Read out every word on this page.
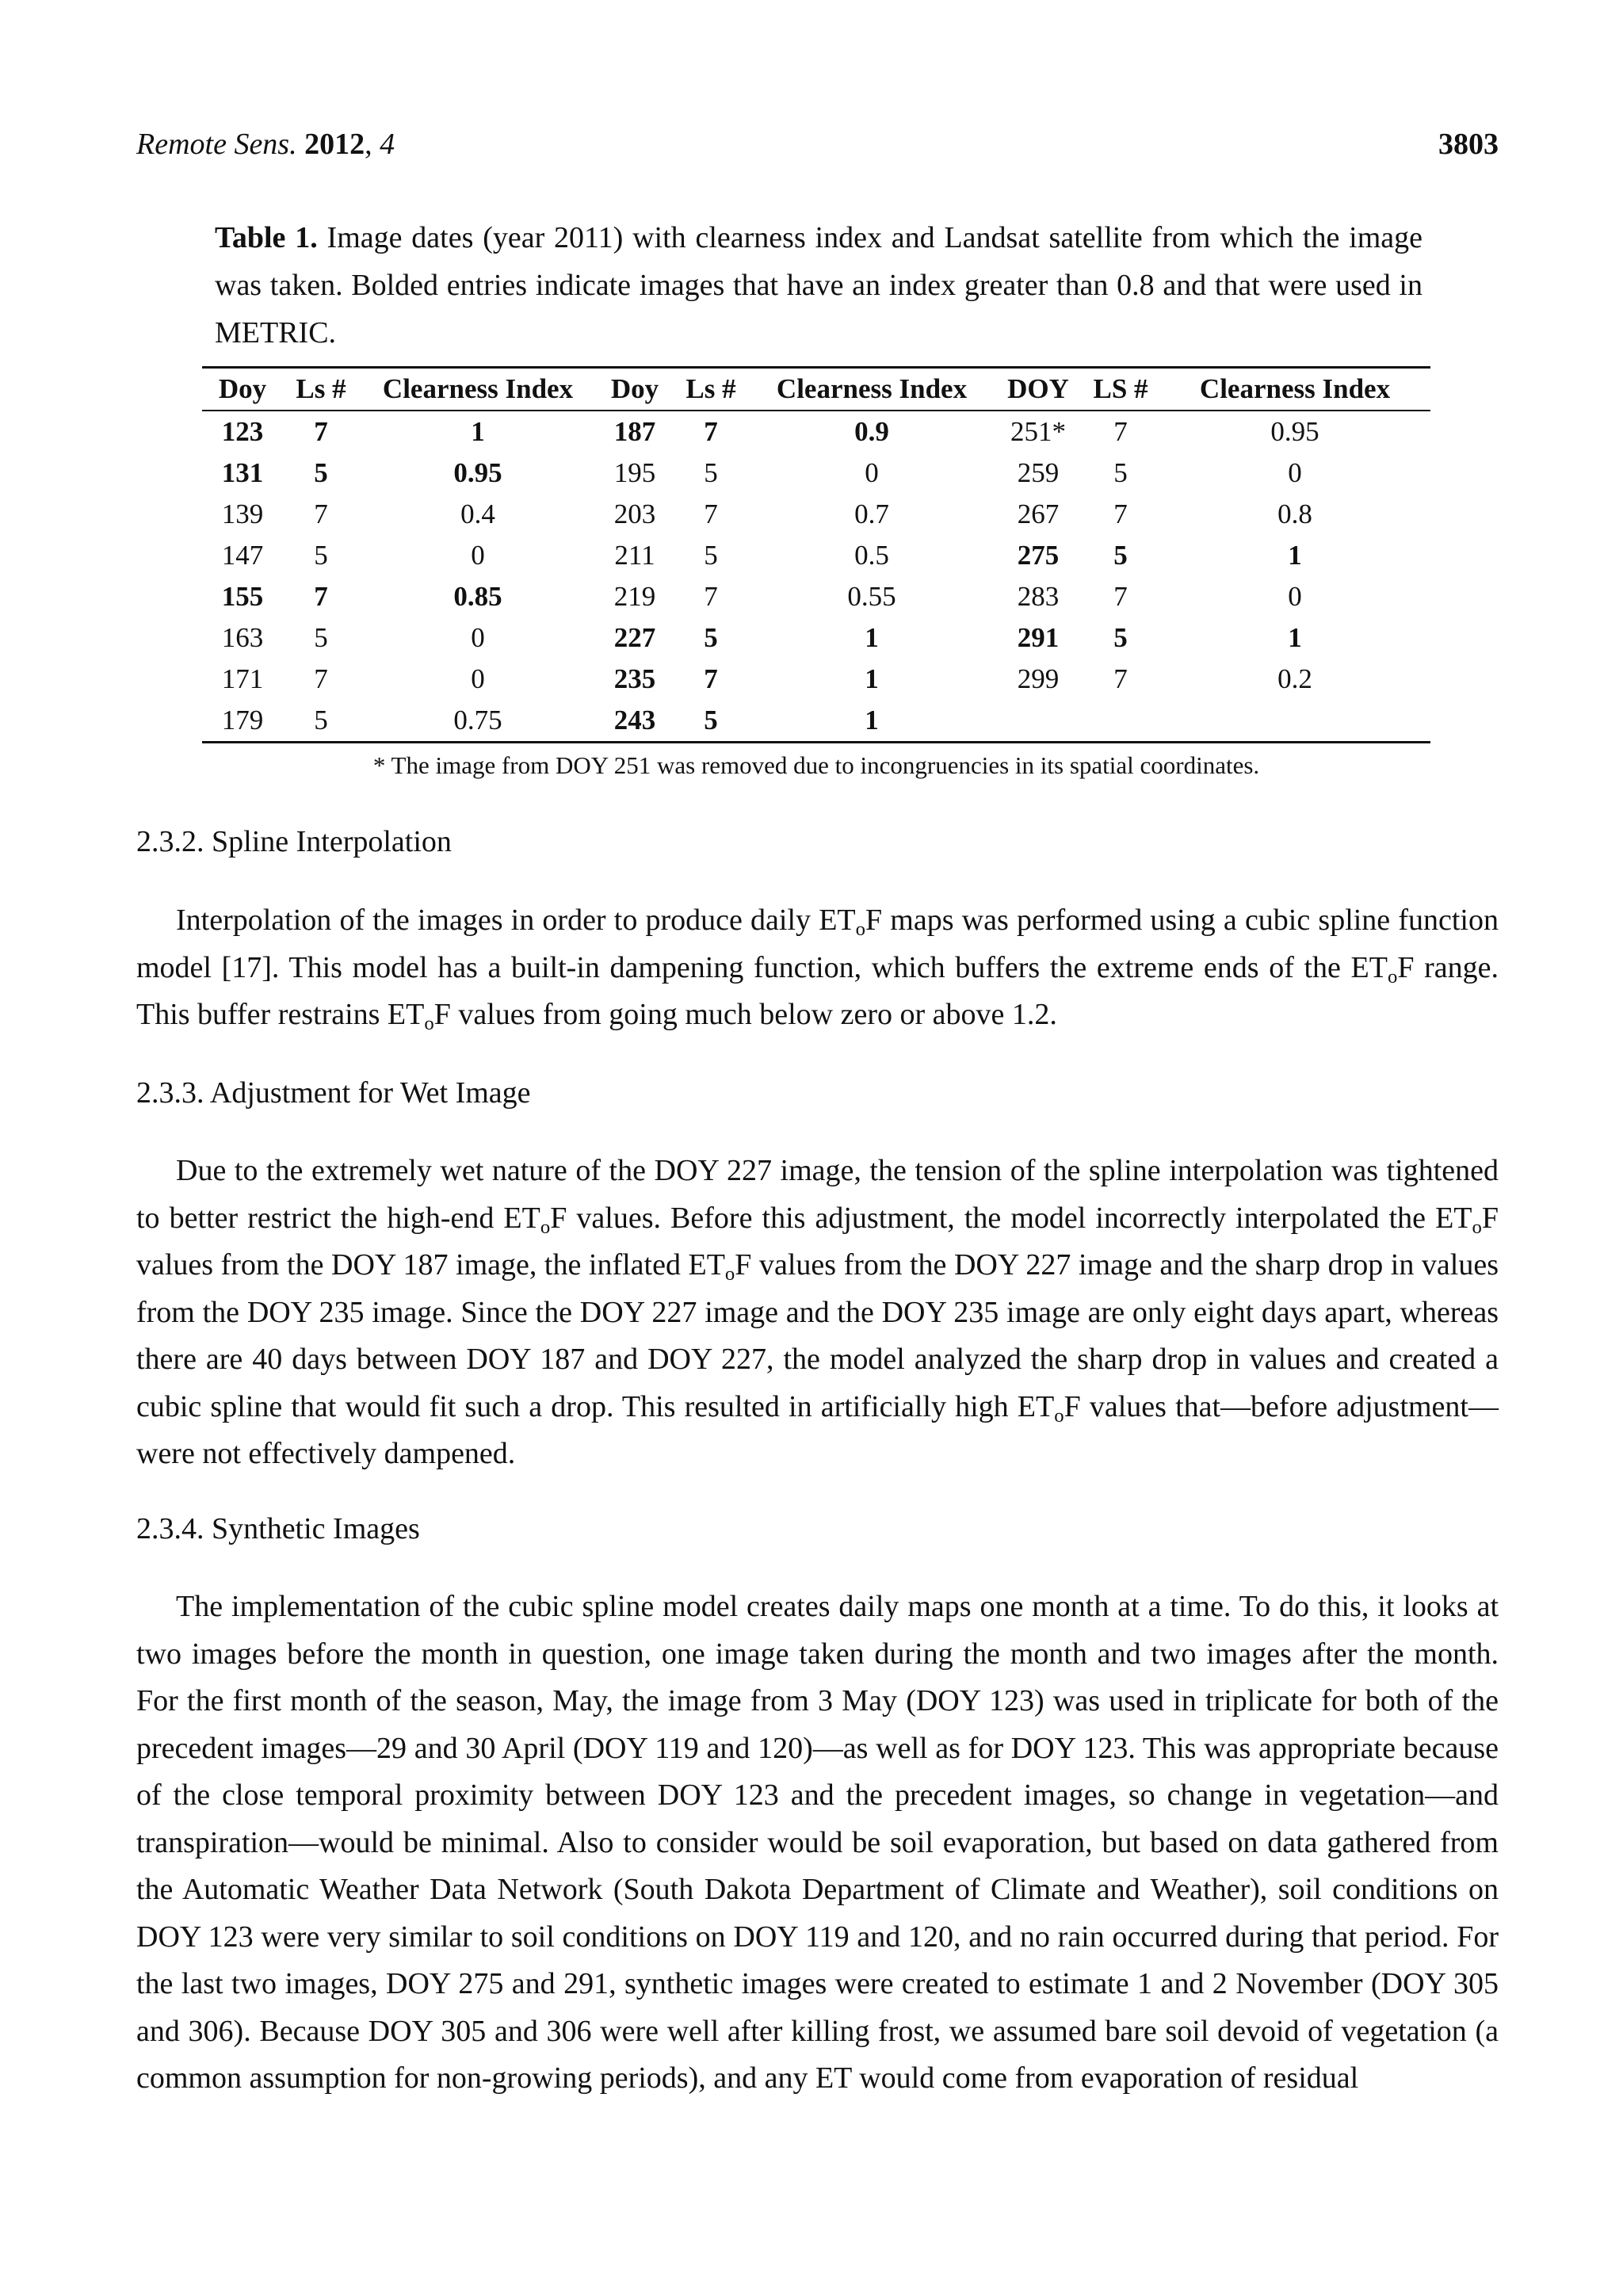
Remote Sens. 2012, 4	3803
Table 1. Image dates (year 2011) with clearness index and Landsat satellite from which the image was taken. Bolded entries indicate images that have an index greater than 0.8 and that were used in METRIC.
Doy	Ls #	Clearness Index	Doy	Ls #	Clearness Index	DOY	LS #	Clearness Index
123	7	1	187	7	0.9	251*	7	0.95
131	5	0.95	195	5	0	259	5	0
139	7	0.4	203	7	0.7	267	7	0.8
147	5	0	211	5	0.5	275	5	1
155	7	0.85	219	7	0.55	283	7	0
163	5	0	227	5	1	291	5	1
171	7	0	235	7	1	299	7	0.2
179	5	0.75	243	5	1			
* The image from DOY 251 was removed due to incongruencies in its spatial coordinates.
2.3.2. Spline Interpolation
Interpolation of the images in order to produce daily $ET_oF$ maps was performed using a cubic spline function model [17]. This model has a built-in dampening function, which buffers the extreme ends of the $ET_oF$ range. This buffer restrains $ET_oF$ values from going much below zero or above 1.2.
2.3.3. Adjustment for Wet Image
Due to the extremely wet nature of the DOY 227 image, the tension of the spline interpolation was tightened to better restrict the high-end $ET_oF$ values. Before this adjustment, the model incorrectly interpolated the $ET_oF$ values from the DOY 187 image, the inflated $ET_oF$ values from the DOY 227 image and the sharp drop in values from the DOY 235 image. Since the DOY 227 image and the DOY 235 image are only eight days apart, whereas there are 40 days between DOY 187 and DOY 227, the model analyzed the sharp drop in values and created a cubic spline that would fit such a drop. This resulted in artificially high $ET_oF$ values that—before adjustment—were not effectively dampened.
2.3.4. Synthetic Images
The implementation of the cubic spline model creates daily maps one month at a time. To do this, it looks at two images before the month in question, one image taken during the month and two images after the month. For the first month of the season, May, the image from 3 May (DOY 123) was used in triplicate for both of the precedent images—29 and 30 April (DOY 119 and 120)—as well as for DOY 123. This was appropriate because of the close temporal proximity between DOY 123 and the precedent images, so change in vegetation—and transpiration—would be minimal. Also to consider would be soil evaporation, but based on data gathered from the Automatic Weather Data Network (South Dakota Department of Climate and Weather), soil conditions on DOY 123 were very similar to soil conditions on DOY 119 and 120, and no rain occurred during that period. For the last two images, DOY 275 and 291, synthetic images were created to estimate 1 and 2 November (DOY 305 and 306). Because DOY 305 and 306 were well after killing frost, we assumed bare soil devoid of vegetation (a common assumption for non-growing periods), and any ET would come from evaporation of residual
